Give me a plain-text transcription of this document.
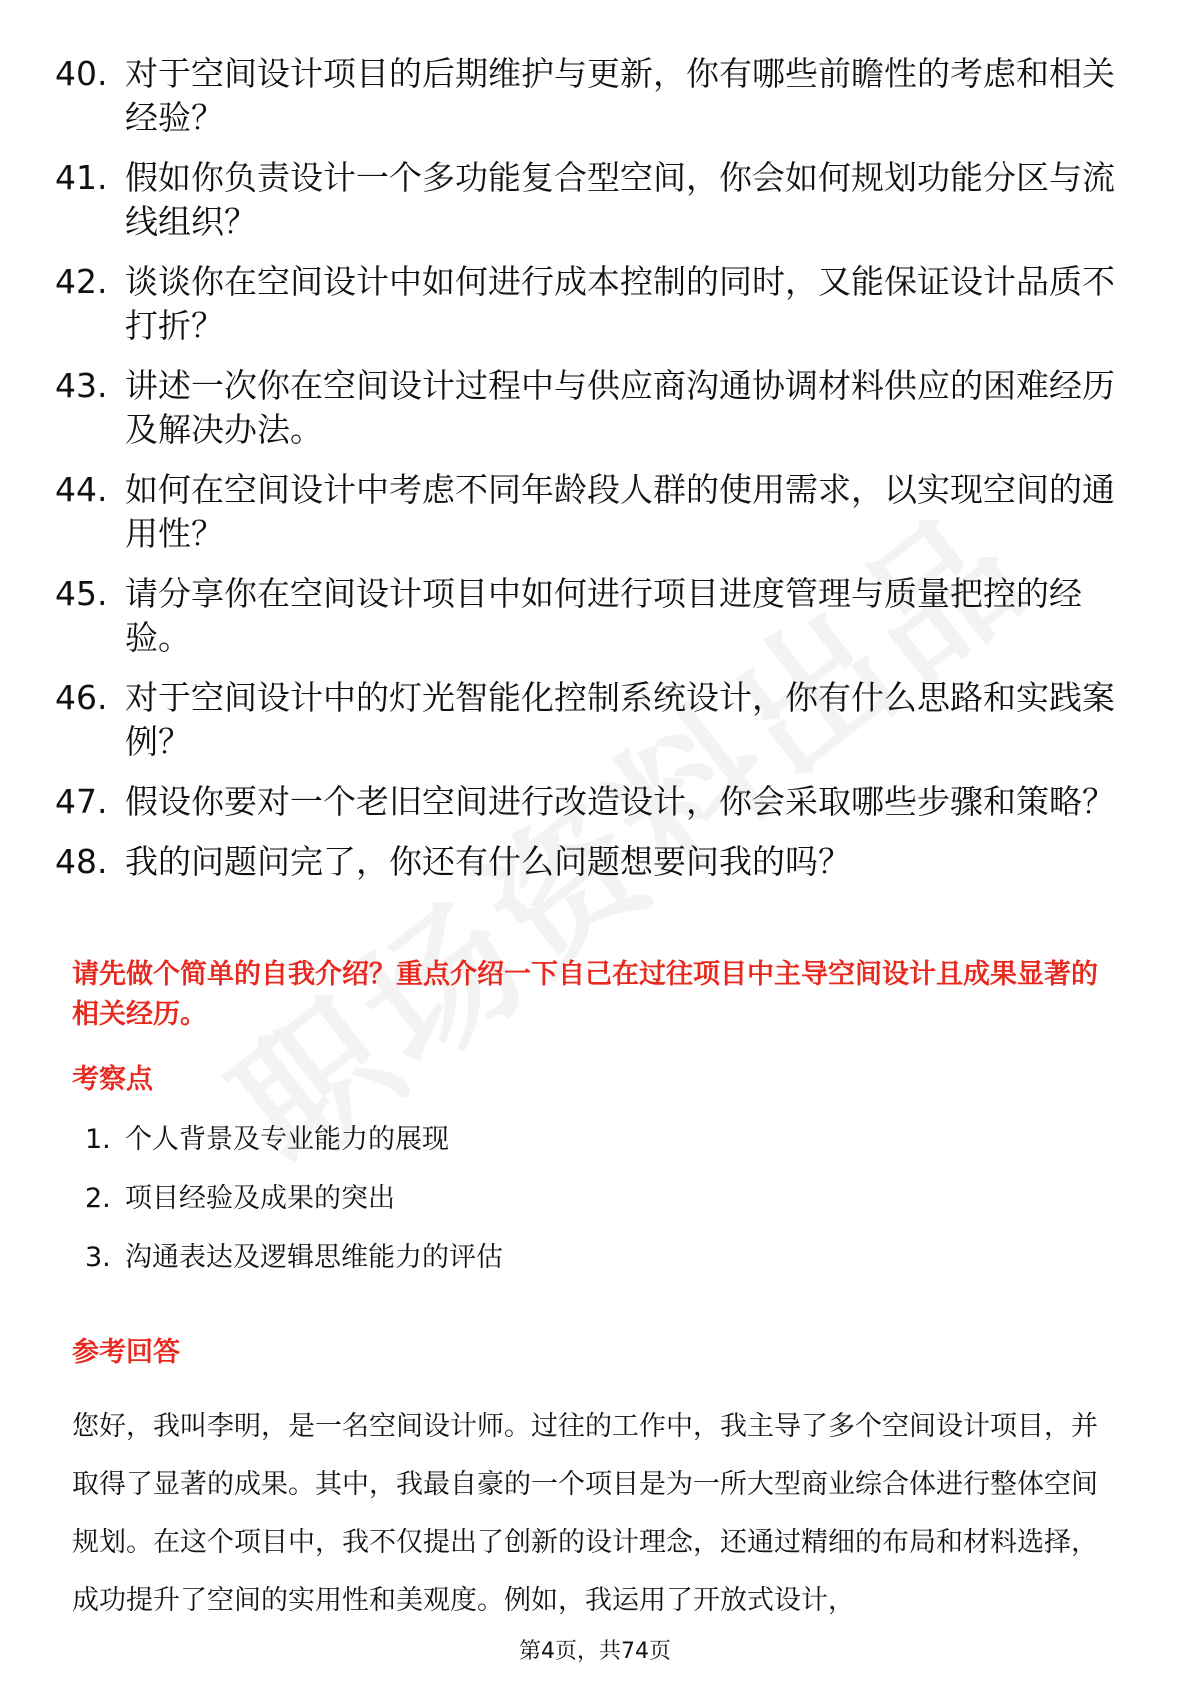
40. 对于空间设计项目的后期维护与更新，你有哪些前瞻性的考虑和相关经验？
41. 假如你负责设计一个多功能复合型空间，你会如何规划功能分区与流线组织？
42. 谈谈你在空间设计中如何进行成本控制的同时，又能保证设计品质不打折？
43. 讲述一次你在空间设计过程中与供应商沟通协调材料供应的困难经历及解决办法。
44. 如何在空间设计中考虑不同年龄段人群的使用需求，以实现空间的通用性？
45. 请分享你在空间设计项目中如何进行项目进度管理与质量把控的经验。
46. 对于空间设计中的灯光智能化控制系统设计，你有什么思路和实践案例？
47. 假设你要对一个老旧空间进行改造设计，你会采取哪些步骤和策略？
48. 我的问题问完了，你还有什么问题想要问我的吗？
请先做个简单的自我介绍？重点介绍一下自己在过往项目中主导空间设计且成果显著的相关经历。
考察点
1. 个人背景及专业能力的展现
2. 项目经验及成果的突出
3. 沟通表达及逻辑思维能力的评估
参考回答

您好，我叫李明，是一名空间设计师。过往的工作中，我主导了多个空间设计项目，并取得了显著的成果。其中，我最自豪的一个项目是为一所大型商业综合体进行整体空间规划。在这个项目中，我不仅提出了创新的设计理念，还通过精细的布局和材料选择，成功提升了空间的实用性和美观度。例如，我运用了开放式设计，

第4页，共74页
